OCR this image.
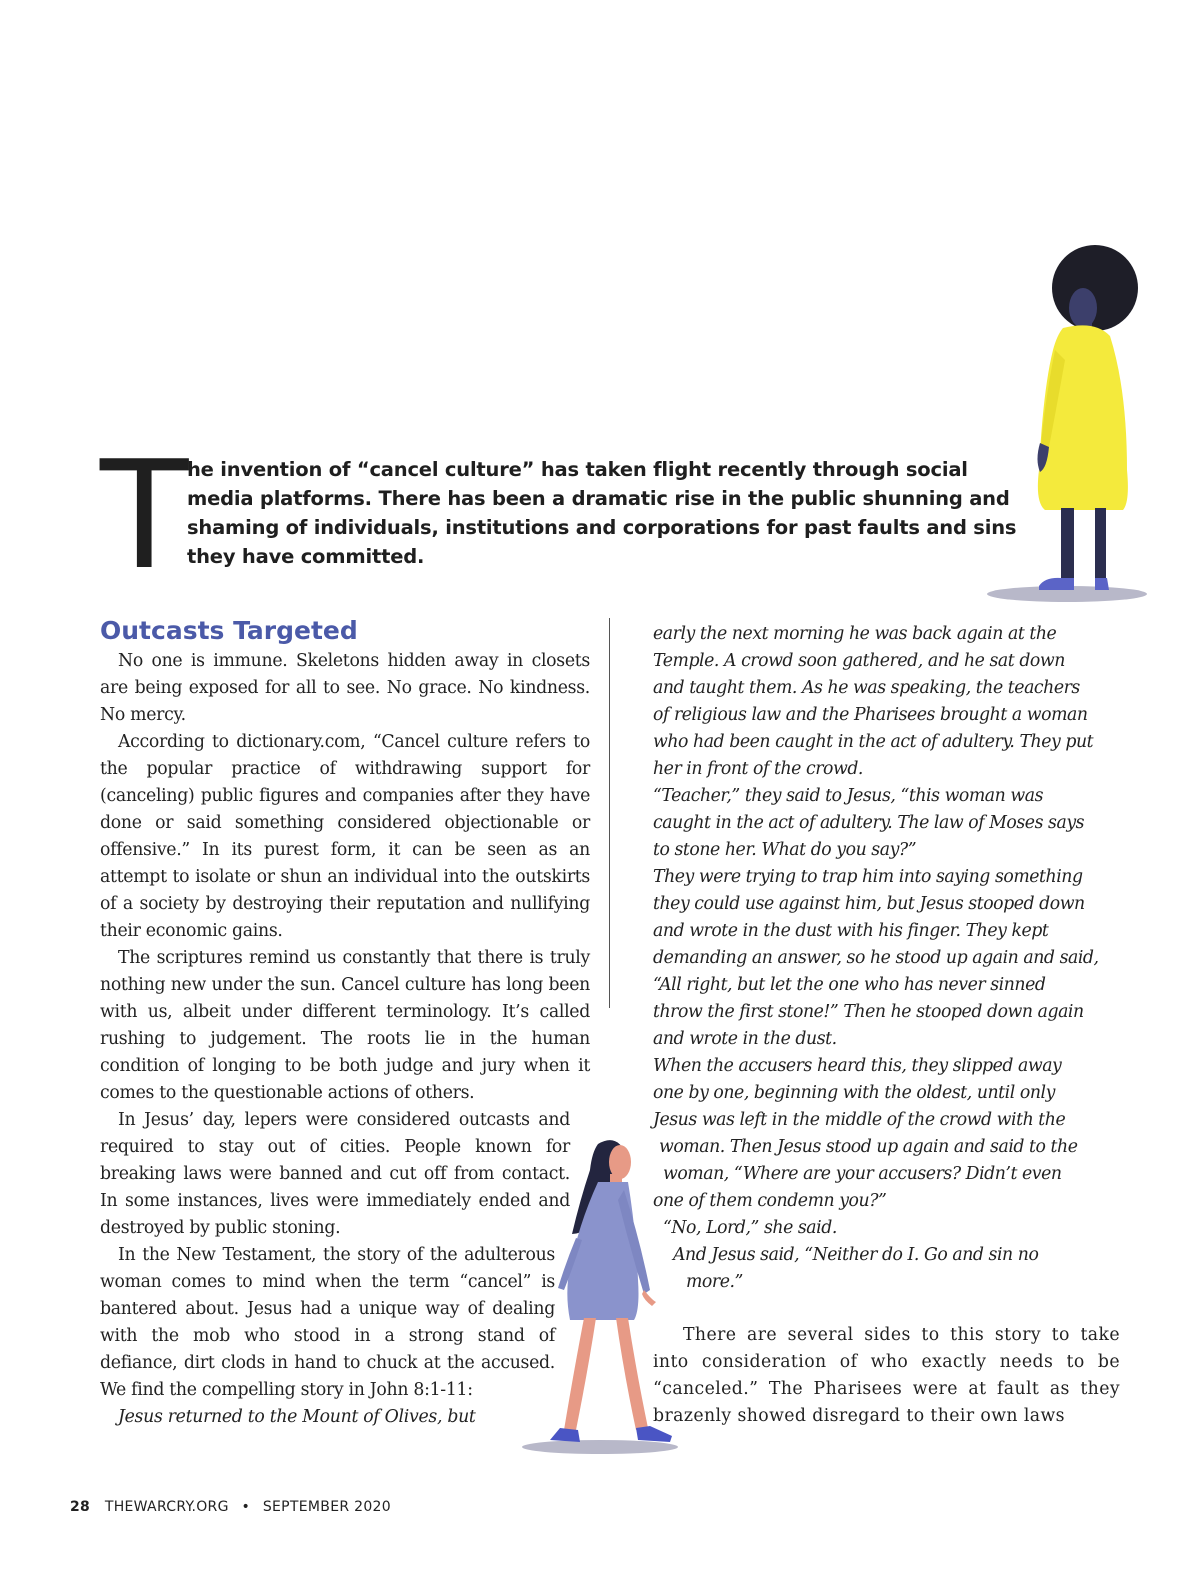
T

he invention of “cancel culture” has taken flight recently through social media platforms. There has been a dramatic rise in the public shunning and shaming of individuals, institutions and corporations for past faults and sins they have committed.

Outcasts Targeted

No one is immune. Skeletons hidden away in closets are being exposed for all to see. No grace. No kindness. No mercy.

According to dictionary.com, “Cancel culture refers to the popular practice of withdrawing support for (canceling) public figures and companies after they have done or said something considered objectionable or offensive.” In its purest form, it can be seen as an attempt to isolate or shun an individual into the outskirts of a society by destroying their reputation and nullifying their economic gains.

The scriptures remind us constantly that there is truly nothing new under the sun. Cancel culture has long been with us, albeit under different terminology. It’s called rushing to judgement. The roots lie in the human condition of longing to be both judge and jury when it comes to the questionable actions of others.

In Jesus’ day, lepers were considered outcasts and required to stay out of cities. People known for breaking laws were banned and cut off from contact. In some instances, lives were immediately ended and destroyed by public stoning.

In the New Testament, the story of the adulterous woman comes to mind when the term “cancel” is bantered about. Jesus had a unique way of dealing with the mob who stood in a strong stand of defiance, dirt clods in hand to chuck at the accused. We find the compelling story in John 8:1-11:

Jesus returned to the Mount of Olives, but

early the next morning he was back again at the Temple. A crowd soon gathered, and he sat down and taught them. As he was speaking, the teachers of religious law and the Pharisees brought a woman who had been caught in the act of adultery. They put her in front of the crowd.

“Teacher,” they said to Jesus, “this woman was caught in the act of adultery. The law of Moses says to stone her. What do you say?”

They were trying to trap him into saying something they could use against him, but Jesus stooped down and wrote in the dust with his finger. They kept demanding an answer, so he stood up again and said, “All right, but let the one who has never sinned throw the first stone!” Then he stooped down again and wrote in the dust.

When the accusers heard this, they slipped away

one by one, beginning with the oldest, until only

Jesus was left in the middle of the crowd with the

woman. Then Jesus stood up again and said to the

woman, “Where are your accusers? Didn’t even

one of them condemn you?”

“No, Lord,” she said.

And Jesus said, “Neither do I. Go and sin no

more.”

There are several sides to this story to take into consideration of who exactly needs to be “canceled.” The Pharisees were at fault as they brazenly showed disregard to their own laws

28 THEWARCRY.ORG • SEPTEMBER 2020
